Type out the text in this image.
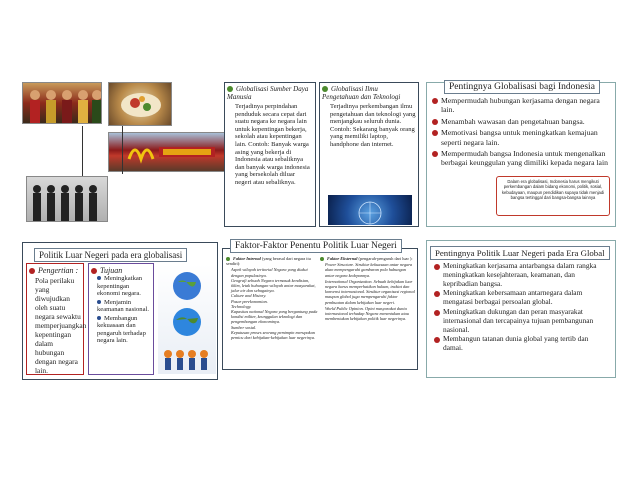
Globalisasi Sumber Daya Manusia
Terjadinya perpindahan penduduk secara cepat dari suatu negara ke negara lain untuk kepentingan bekerja, sekolah atau kepentingan lain. Contoh: Banyak warga asing yang bekerja di Indonesia atau sebaliknya dan banyak warga indonesia yang bersekolah diluar negeri atau sebaliknya.
Globalisasi Ilmu Pengetahuan dan Teknologi
Terjadinya perkembangan ilmu pengetahuan dan teknologi yang menjangkau seluruh dunia. Contoh: Sekarang banyak orang yang memiliki laptop, handphone dan internet.
Pentingnya Globalisasi bagi Indonesia
Mempermudah hubungan kerjasama dengan negara lain.
Menambah wawasan dan pengetahuan bangsa.
Memotivasi bangsa untuk meningkatkan kemajuan seperti negara lain.
Mempermudah bangsa Indonesia untuk mengenalkan berbagai keunggulan yang dimiliki kepada negara lain
Dalam era globalisasi, Indonesia harus mengikuti perkembangan dalam bidang ekonomi, politik, sosial, kebudayaan, maupun pendidikan supaya tidak menjadi bangsa tertinggal dari bangsa-bangsa lainnya
Politik Luar Negeri pada era globalisasi
Pengertian :
Pola perilaku yang diwujudkan oleh suatu negara sewaktu memperjuangkan kepentingan dalam hubungan dengan negara lain.
Tujuan
Meningkatkan kepentingan ekonomi negara.
Menjamin keamanan nasional.
Membangun kekuasaan dan pengaruh terhadap negara lain.
Faktor-Faktor Penentu Politik Luar Negeri
Faktor Internal (yang berasal dari negara itu sendiri):
Aspek wilayah teritorial Negara yang diakui dengan populasinya.
Geografi sebuah Negara termasuk kendisian, iklim, letak hubungan wilayah antar masyarakat, jalur air dan sebagainya.
Culture and History.
Pasar perekonomian.
Technology.
Kapasitas national Negara yang bergantung pada kondisi militer, keunggulan teknologi dan pengembangan ekonominya.
Sumber sosial.
Keputusan proses seorang pemimpin merupakan pemicu dari kebijakan-kebijakan luar negerinya.
Faktor Eksternal (pengaruh-pengaruh dari luar ):
Power Structure. Struktur kekuasaan antar negara akan mempengaruhi gambaran pola hubungan antar negara kedepannya.
International Organization. Sebuah kebijakan luar negara harus memperhatikan hukum, traktat dan konvensi internasional. Struktur organisasi regional maupun global juga mempengaruhi faktor pembuatan dalam kebijakan luar negeri.
World Public Opinion. Opini masyarakat dunia internasional terhadap Negara menentukan atau membentukan kebijakan politik luar negerinya.
Pentingnya Politik Luar Negeri pada Era Global
Meningkatkan kerjasama antarbangsa dalam rangka meningkatkan kesejahteraan, keamanan, dan kepribadian bangsa.
Meningkatkan kebersamaan antarnegara dalam mengatasi berbagai persoalan global.
Meningkatkan dukungan dan peran masyarakat internasional dan tercapainya tujuan pembangunan nasional.
Membangun tatanan dunia global yang tertib dan damai.
